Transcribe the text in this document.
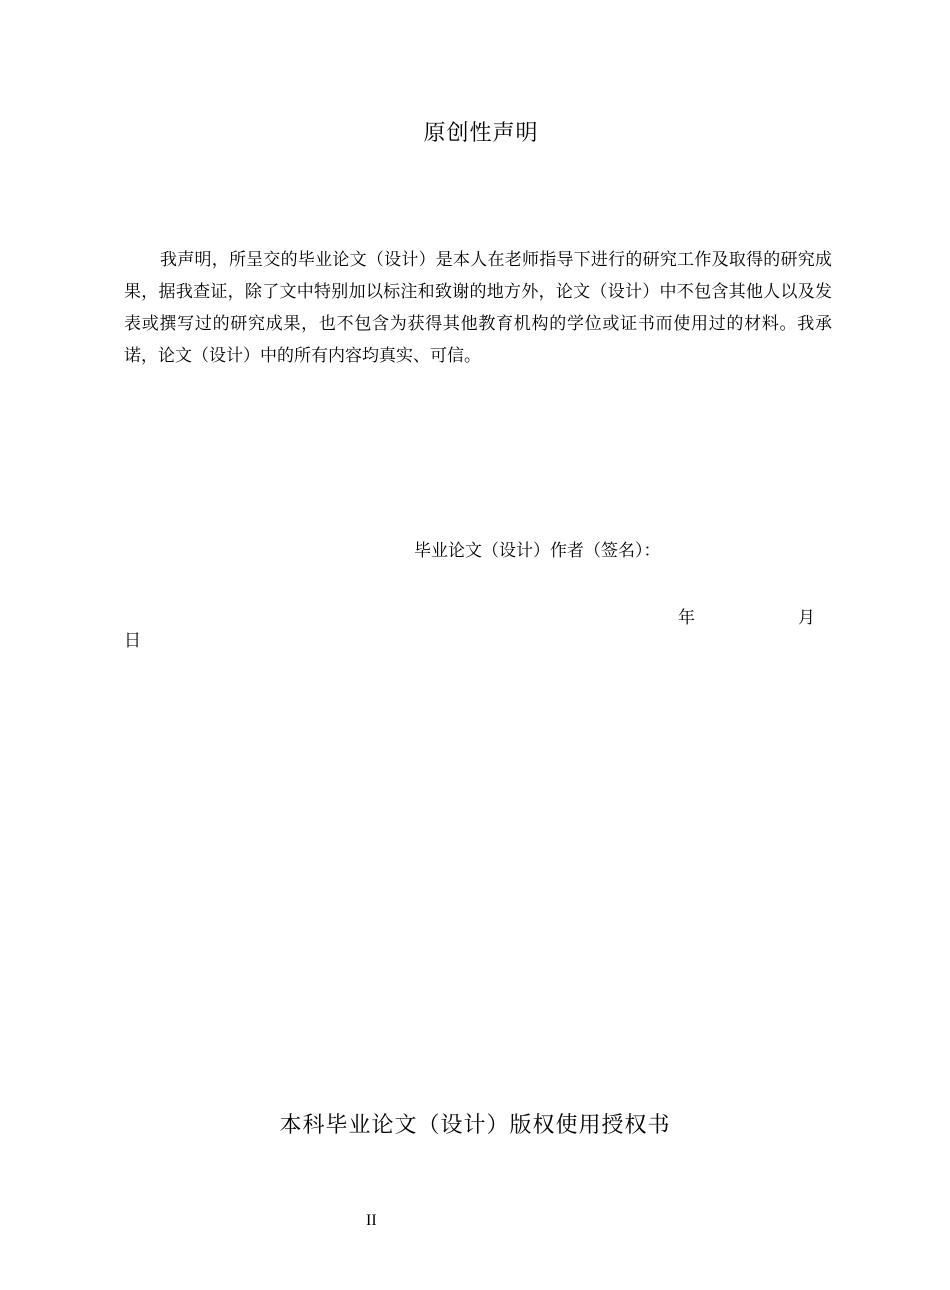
原创性声明

我声明，所呈交的毕业论文（设计）是本人在老师指导下进行的研究工作及取得的研究成果，据我查证，除了文中特别加以标注和致谢的地方外，论文（设计）中不包含其他人以及发表或撰写过的研究成果，也不包含为获得其他教育机构的学位或证书而使用过的材料。我承诺，论文（设计）中的所有内容均真实、可信。

毕业论文（设计）作者（签名）：
年	月
日
本科毕业论文（设计）版权使用授权书
II
